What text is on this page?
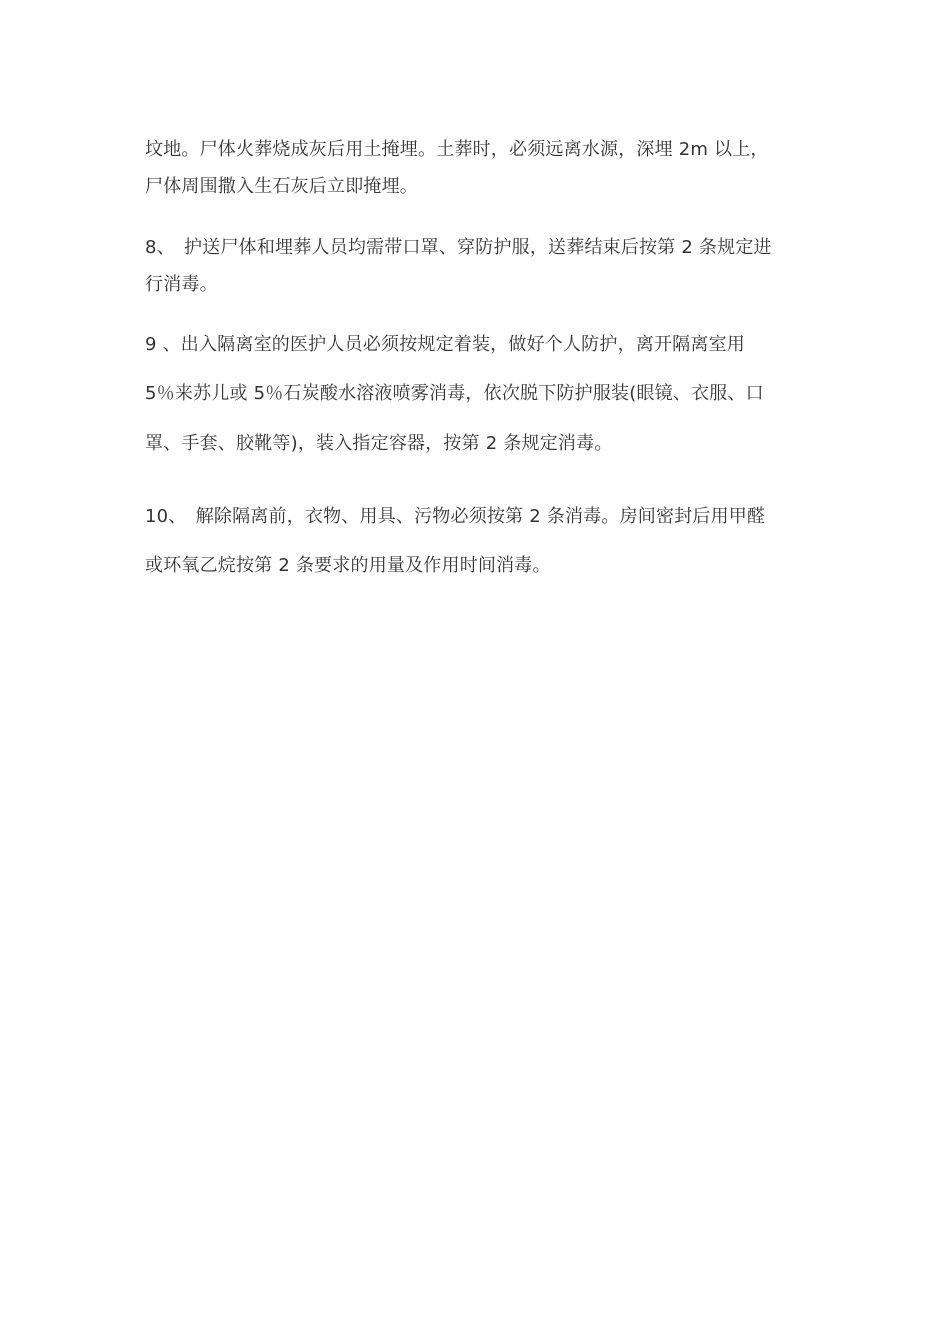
坟地。尸体火葬烧成灰后用土掩埋。土葬时，必须远离水源，深埋 2m 以上，
尸体周围撒入生石灰后立即掩埋。
8、　护送尸体和埋葬人员均需带口罩、穿防护服，送葬结束后按第 2 条规定进
行消毒。
9 、出入隔离室的医护人员必须按规定着装，做好个人防护，离开隔离室用
5％来苏儿或 5％石炭酸水溶液喷雾消毒，依次脱下防护服装(眼镜、衣服、口
罩、手套、胶靴等)，装入指定容器，按第 2 条规定消毒。
10、　解除隔离前，衣物、用具、污物必须按第 2 条消毒。房间密封后用甲醛
或环氧乙烷按第 2 条要求的用量及作用时间消毒。
